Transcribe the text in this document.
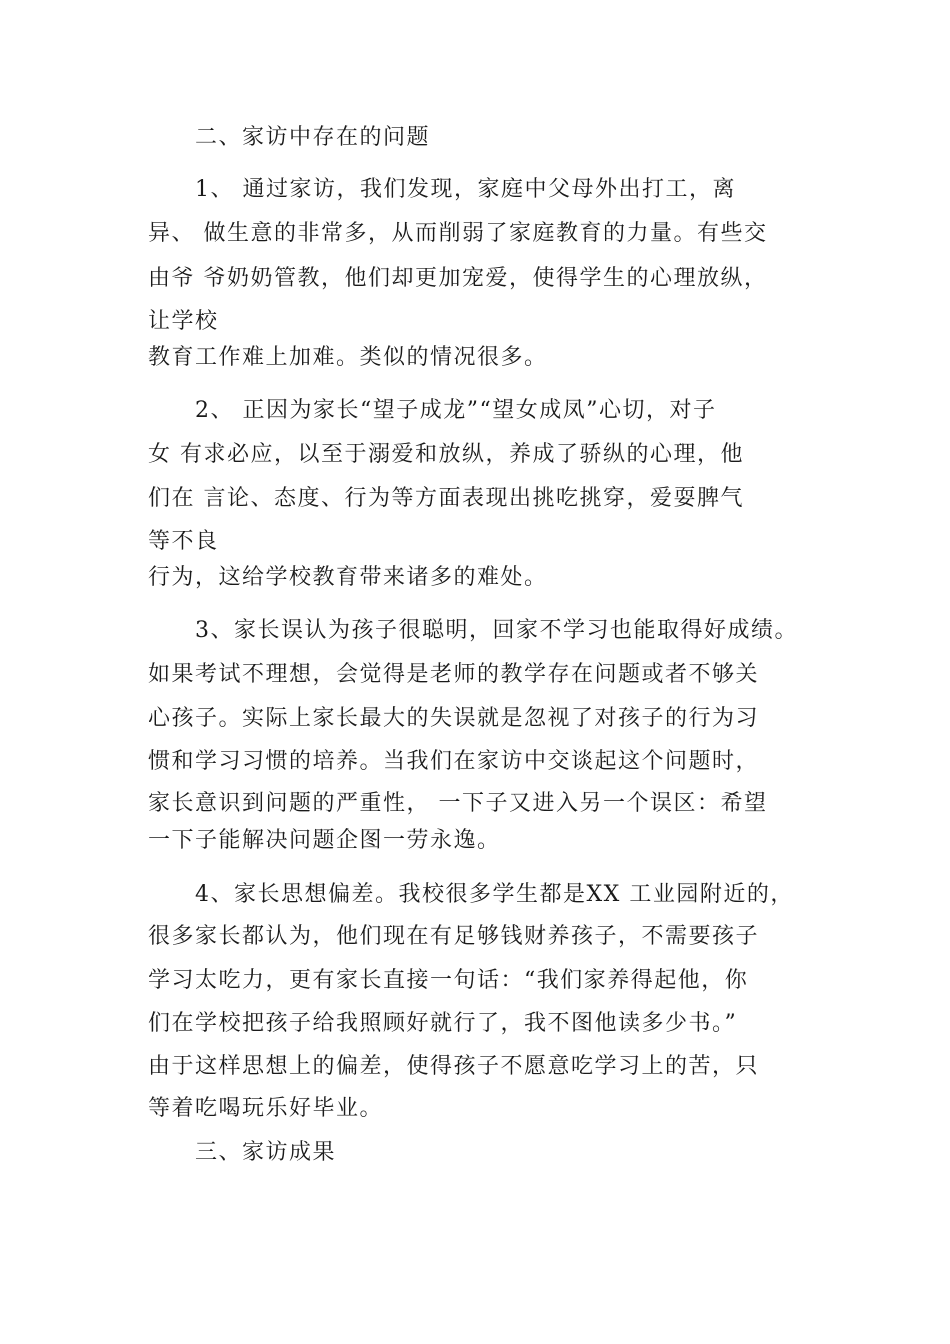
二、家访中存在的问题
1、 通过家访，我们发现，家庭中父母外出打工，离
异、 做生意的非常多，从而削弱了家庭教育的力量。有些交
由爷 爷奶奶管教，他们却更加宠爱，使得学生的心理放纵，
让学校
教育工作难上加难。类似的情况很多。
2、 正因为家长“望子成龙”“望女成凤”心切，对子
女 有求必应，以至于溺爱和放纵，养成了骄纵的心理，他
们在 言论、态度、行为等方面表现出挑吃挑穿，爱耍脾气
等不良
行为，这给学校教育带来诸多的难处。
3、家长误认为孩子很聪明，回家不学习也能取得好成绩。
如果考试不理想，会觉得是老师的教学存在问题或者不够关
心孩子。实际上家长最大的失误就是忽视了对孩子的行为习
惯和学习习惯的培养。当我们在家访中交谈起这个问题时，
家长意识到问题的严重性， 一下子又进入另一个误区：希望
一下子能解决问题企图一劳永逸。
4、家长思想偏差。我校很多学生都是XX 工业园附近的，
很多家长都认为，他们现在有足够钱财养孩子，不需要孩子
学习太吃力，更有家长直接一句话：“我们家养得起他，你
们在学校把孩子给我照顾好就行了，我不图他读多少书。”
由于这样思想上的偏差，使得孩子不愿意吃学习上的苦，只
等着吃喝玩乐好毕业。
三、家访成果
